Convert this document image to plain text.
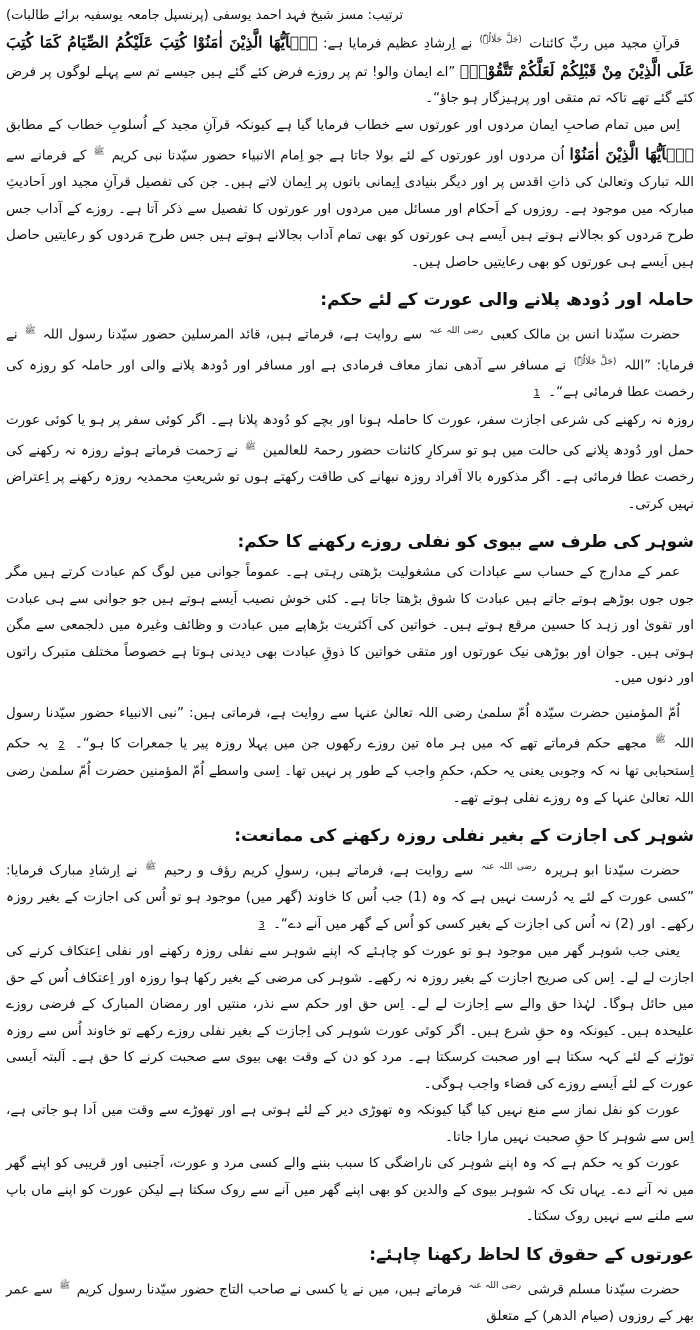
ترتیب: مسز شیخ فہد احمد یوسفی (پرنسپل جامعہ یوسفیہ برائے طالبات)

قرآنِ مجید میں ربِّ کائنات $^{(جَلَّ جَلَالُہٗ)}$ نے اِرشادِ عظیم فرمایا ہے: یٰۤاَیُّهَا الَّذِیْنَ اٰمَنُوْا كُتِبَ عَلَیْكُمُ الصِّیَامُ كَمَا كُتِبَ عَلَى الَّذِیْنَ مِنْ قَبْلِكُمْ لَعَلَّكُمْ تَتَّقُوْنَۙ ”اے ایمان والو! تم پر روزے فرض کئے گئے ہیں جیسے تم سے پہلے لوگوں پر فرض کئے گئے تھے تاکہ تم متقی اور پرہیزگار ہو جاؤ“۔

اِس میں تمام صاحبِ ایمان مردوں اور عورتوں سے خطاب فرمایا گیا ہے کیونکہ قرآنِ مجید کے اُسلوبِ خطاب کے مطابق یٰۤاَیُّهَا الَّذِیْنَ اٰمَنُوْا اُن مردوں اور عورتوں کے لئے بولا جاتا ہے جو اِمام الانبیاء حضور سیّدنا نبی کریم $^ﷺ$ کے فرمانے سے اللہ تبارک وتعالیٰ کی ذاتِ اقدس پر اور دیگر بنیادی اِیمانی باتوں پر اِیمان لاتے ہیں۔ جن کی تفصیل قرآنِ مجید اور اَحادیثِ مبارکہ میں موجود ہے۔ روزوں کے اَحکام اور مسائل میں مردوں اور عورتوں کا تفصیل سے ذکر آتا ہے۔ روزے کے آداب جس طرح مَردوں کو بجالانے ہوتے ہیں اَیسے ہی عورتوں کو بھی تمام آداب بجالانے ہوتے ہیں جس طرح مَردوں کو رعایتیں حاصل ہیں اَیسے ہی عورتوں کو بھی رعایتیں حاصل ہیں۔

حاملہ اور دُودھ پلانے والی عورت کے لئے حکم:

حضرت سیّدنا انس بن مالک کعبی $^{رضی اللہ عنہ}$ سے روایت ہے، فرماتے ہیں، قائد المرسلین حضور سیّدنا رسول اللہ $^ﷺ$ نے فرمایا: ”اللہ $^{(جَلَّ جَلَالُہٗ)}$ نے مسافر سے آدھی نماز معاف فرمادی ہے اور مسافر اور دُودھ پلانے والی اور حاملہ کو روزہ کی رخصت عطا فرمائی ہے“۔ 1

روزہ نہ رکھنے کی شرعی اجازت سفر، عورت کا حاملہ ہونا اور بچے کو دُودھ پلانا ہے۔ اگر کوئی سفر پر ہو یا کوئی عورت حمل اور دُودھ پلانے کی حالت میں ہو تو سرکارِ کائنات حضور رحمۃ للعالمین $^ﷺ$ نے رَحمت فرماتے ہوئے روزہ نہ رکھنے کی رخصت عطا فرمائی ہے۔ اگر مذکورہ بالا اَفراد روزہ نبھانے کی طاقت رکھتے ہوں تو شریعتِ محمدیہ روزہ رکھنے پر اِعتراض نہیں کرتی۔

شوہر کی طرف سے بیوی کو نفلی روزے رکھنے کا حکم:

عمر کے مدارج کے حساب سے عبادات کی مشغولیت بڑھتی رہتی ہے۔ عموماً جوانی میں لوگ کم عبادت کرتے ہیں مگر جوں جوں بوڑھے ہوتے جاتے ہیں عبادت کا شوق بڑھتا جاتا ہے۔ کئی خوش نصیب اَیسے ہوتے ہیں جو جوانی سے ہی عبادت اور تقویٰ اور زہد کا حسین مرقع ہوتے ہیں۔ خواتین کی اَکثریت بڑھاپے میں عبادت و وظائف وغیرہ میں دلجمعی سے مگن ہوتی ہیں۔ جوان اور بوڑھی نیک عورتوں اور متقی خواتین کا ذوقِ عبادت بھی دیدنی ہوتا ہے خصوصاً مختلف متبرک راتوں اور دنوں میں۔

اُمّ المؤمنین حضرت سیّدہ اُمّ سلمیٰ رضی اللہ تعالیٰ عنہا سے روایت ہے، فرماتی ہیں: ”نبی الانبیاء حضور سیّدنا رسول اللہ $^ﷺ$ مجھے حکم فرماتے تھے کہ میں ہر ماہ تین روزے رکھوں جن میں پہلا روزہ پیر یا جمعرات کا ہو“۔ 2 یہ حکم اِستحبابی تھا نہ کہ وجوبی یعنی یہ حکم، حکمِ واجب کے طور پر نہیں تھا۔ اِسی واسطے اُمّ المؤمنین حضرت اُمّ سلمیٰ رضی اللہ تعالیٰ عنہا کے وہ روزے نفلی ہوتے تھے۔

شوہر کی اجازت کے بغیر نفلی روزہ رکھنے کی ممانعت:

حضرت سیّدنا ابو ہریرہ $^{رضی اللہ عنہ}$ سے روایت ہے، فرماتے ہیں، رسولِ کریم رؤف و رحیم $^ﷺ$ نے اِرشادِ مبارک فرمایا: ”کسی عورت کے لئے یہ دُرست نہیں ہے کہ وہ (1) جب اُس کا خاوند (گھر میں) موجود ہو تو اُس کی اجازت کے بغیر روزہ رکھے۔ اور (2) نہ اُس کی اجازت کے بغیر کسی کو اُس کے گھر میں آنے دے“۔ 3

یعنی جب شوہر گھر میں موجود ہو تو عورت کو چاہئے کہ اپنے شوہر سے نفلی روزہ رکھنے اور نفلی اِعتکاف کرنے کی اجازت لے لے۔ اِس کی صریح اجازت کے بغیر روزہ نہ رکھے۔ شوہر کی مرضی کے بغیر رکھا ہوا روزہ اور اِعتکاف اُس کے حق میں حائل ہوگا۔ لہٰذا حق والے سے اِجازت لے لے۔ اِس حق اور حکم سے نذر، منتیں اور رمضان المبارک کے فرضی روزے علیحدہ ہیں۔ کیونکہ وہ حقِ شرع ہیں۔ اگر کوئی عورت شوہر کی اِجازت کے بغیر نفلی روزے رکھے تو خاوند اُس سے روزہ توڑنے کے لئے کہہ سکتا ہے اور صحبت کرسکتا ہے۔ مرد کو دن کے وقت بھی بیوی سے صحبت کرنے کا حق ہے۔ اَلبتہ اَیسی عورت کے لئے اَیسے روزے کی قضاء واجب ہوگی۔

عورت کو نفل نماز سے منع نہیں کیا گیا کیونکہ وہ تھوڑی دیر کے لئے ہوتی ہے اور تھوڑے سے وقت میں اَدا ہو جاتی ہے، اِس سے شوہر کا حقِ صحبت نہیں مارا جاتا۔

عورت کو یہ حکم ہے کہ وہ اپنے شوہر کی ناراضگی کا سبب بننے والے کسی مرد و عورت، اَجنبی اور قریبی کو اپنے گھر میں نہ آنے دے۔ یہاں تک کہ شوہر بیوی کے والدین کو بھی اپنے گھر میں آنے سے روک سکتا ہے لیکن عورت کو اپنے ماں باپ سے ملنے سے نہیں روک سکتا۔

عورتوں کے حقوق کا لحاظ رکھنا چاہئے:

حضرت سیّدنا مسلم قرشی $^{رضی اللہ عنہ}$ فرماتے ہیں، میں نے یا کسی نے صاحب التاج حضور سیّدنا رسول کریم $^ﷺ$ سے عمر بھر کے روزوں (صیام الدھر) کے متعلق
